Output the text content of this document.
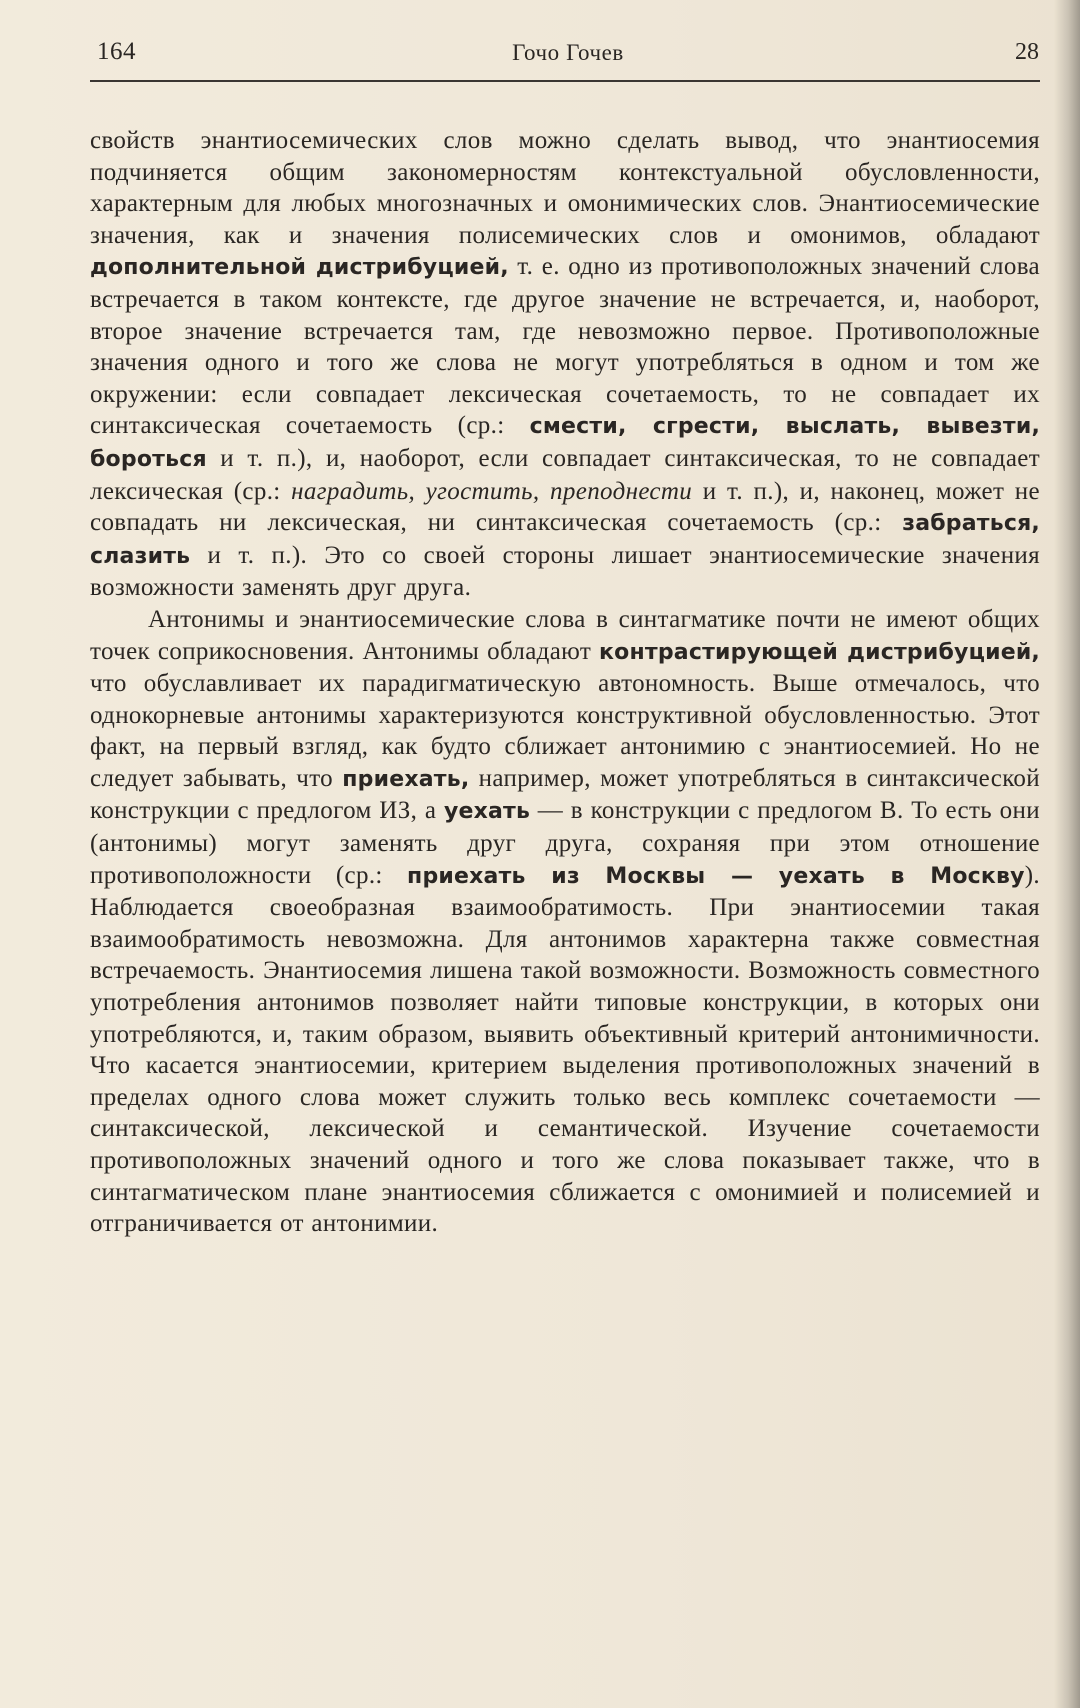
164	Гочо Гочев	28

свойств энантиосемических слов можно сделать вывод, что энантиосемия подчиняется общим закономерностям контекстуальной обусловленности, характерным для любых многозначных и омонимических слов. Энантиосемические значения, как и значения полисемических слов и омонимов, обладают дополнительной дистрибуцией, т. е. одно из противоположных значений слова встречается в таком контексте, где другое значение не встречается, и, наоборот, второе значение встречается там, где невозможно первое. Противоположные значения одного и того же слова не могут употребляться в одном и том же окружении: если совпадает лексическая сочетаемость, то не совпадает их синтаксическая сочетаемость (ср.: смести, сгрести, выслать, вывезти, бороться и т. п.), и, наоборот, если совпадает синтаксическая, то не совпадает лексическая (ср.: наградить, угостить, преподнести и т. п.), и, наконец, может не совпадать ни лексическая, ни синтаксическая сочетаемость (ср.: забраться, слазить и т. п.). Это со своей стороны лишает энантиосемические значения возможности заменять друг друга.

Антонимы и энантиосемические слова в синтагматике почти не имеют общих точек соприкосновения. Антонимы обладают контрастирующей дистрибуцией, что обуславливает их парадигматическую автономность. Выше отмечалось, что однокорневые антонимы характеризуются конструктивной обусловленностью. Этот факт, на первый взгляд, как будто сближает антонимию с энантиосемией. Но не следует забывать, что приехать, например, может употребляться в синтаксической конструкции с предлогом ИЗ, а уехать — в конструкции с предлогом В. То есть они (антонимы) могут заменять друг друга, сохраняя при этом отношение противоположности (ср.: приехать из Москвы — уехать в Москву). Наблюдается своеобразная взаимообратимость. При энантиосемии такая взаимообратимость невозможна. Для антонимов характерна также совместная встречаемость. Энантиосемия лишена такой возможности. Возможность совместного употребления антонимов позволяет найти типовые конструкции, в которых они употребляются, и, таким образом, выявить объективный критерий антонимичности. Что касается энантиосемии, критерием выделения противоположных значений в пределах одного слова может служить только весь комплекс сочетаемости — синтаксической, лексической и семантической. Изучение сочетаемости противоположных значений одного и того же слова показывает также, что в синтагматическом плане энантиосемия сближается с омонимией и полисемией и отграничивается от антонимии.
